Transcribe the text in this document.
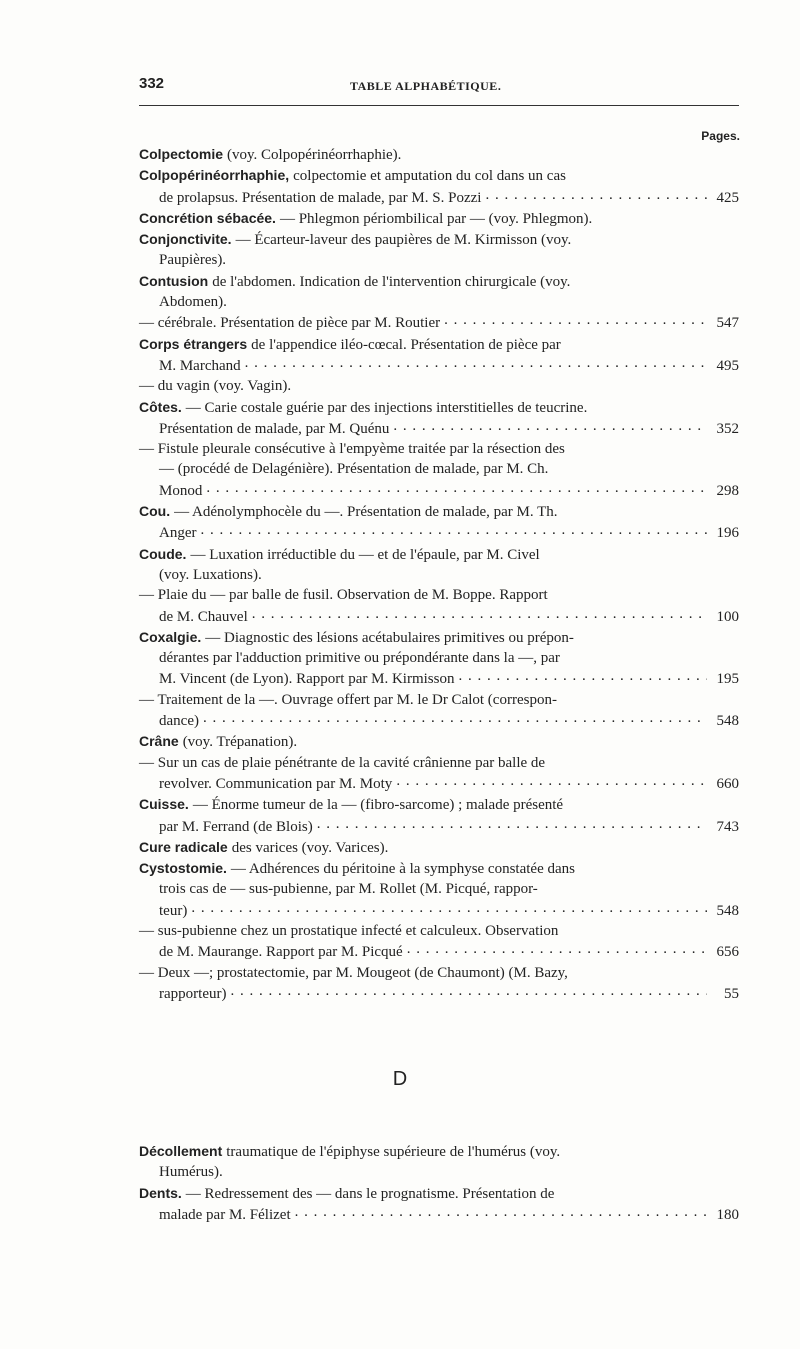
332	TABLE ALPHABÉTIQUE.
Pages.
Colpectomie (voy. Colpopérinéorrhaphie).
Colpopérinéorrhaphie, colpectomie et amputation du col dans un cas
de prolapsus. Présentation de malade, par M. S. Pozzi . . .	425
Concrétion sébacée. — Phlegmon périombilical par — (voy. Phlegmon).
Conjonctivite. — Écarteur-laveur des paupières de M. Kirmisson (voy.
Paupières).
Contusion de l'abdomen. Indication de l'intervention chirurgicale (voy.
Abdomen).
— cérébrale. Présentation de pièce par M. Routier . . .	547
Corps étrangers de l'appendice iléo-cœcal. Présentation de pièce par
M. Marchand . . .	495
— du vagin (voy. Vagin).
Côtes. — Carie costale guérie par des injections interstitielles de teucrine.
Présentation de malade, par M. Quénu . . .	352
— Fistule pleurale consécutive à l'empyème traitée par la résection des
— (procédé de Delagénière). Présentation de malade, par M. Ch.
Monod . . .	298
Cou. — Adénolymphocèle du —. Présentation de malade, par M. Th.
Anger . . .	196
Coude. — Luxation irréductible du — et de l'épaule, par M. Civel
(voy. Luxations).
— Plaie du — par balle de fusil. Observation de M. Boppe. Rapport
de M. Chauvel . . .	100
Coxalgie. — Diagnostic des lésions acétabulaires primitives ou prépon-
dérantes par l'adduction primitive ou prépondérante dans la —, par
M. Vincent (de Lyon). Rapport par M. Kirmisson . . .	195
— Traitement de la —. Ouvrage offert par M. le Dr Calot (correspon-
dance) . . .	548
Crâne (voy. Trépanation).
— Sur un cas de plaie pénétrante de la cavité crânienne par balle de
revolver. Communication par M. Moty . . .	660
Cuisse. — Énorme tumeur de la — (fibro-sarcome) ; malade présenté
par M. Ferrand (de Blois) . . .	743
Cure radicale des varices (voy. Varices).
Cystostomie. — Adhérences du péritoine à la symphyse constatée dans
trois cas de — sus-pubienne, par M. Rollet (M. Picqué, rappor-
teur) . . .	548
— sus-pubienne chez un prostatique infecté et calculeux. Observation
de M. Maurange. Rapport par M. Picqué . . .	656
— Deux —; prostatectomie, par M. Mougeot (de Chaumont) (M. Bazy,
rapporteur) . . .	55
D
Décollement traumatique de l'épiphyse supérieure de l'humérus (voy.
Humérus).
Dents. — Redressement des — dans le prognatisme. Présentation de
malade par M. Félizet . . .	180
